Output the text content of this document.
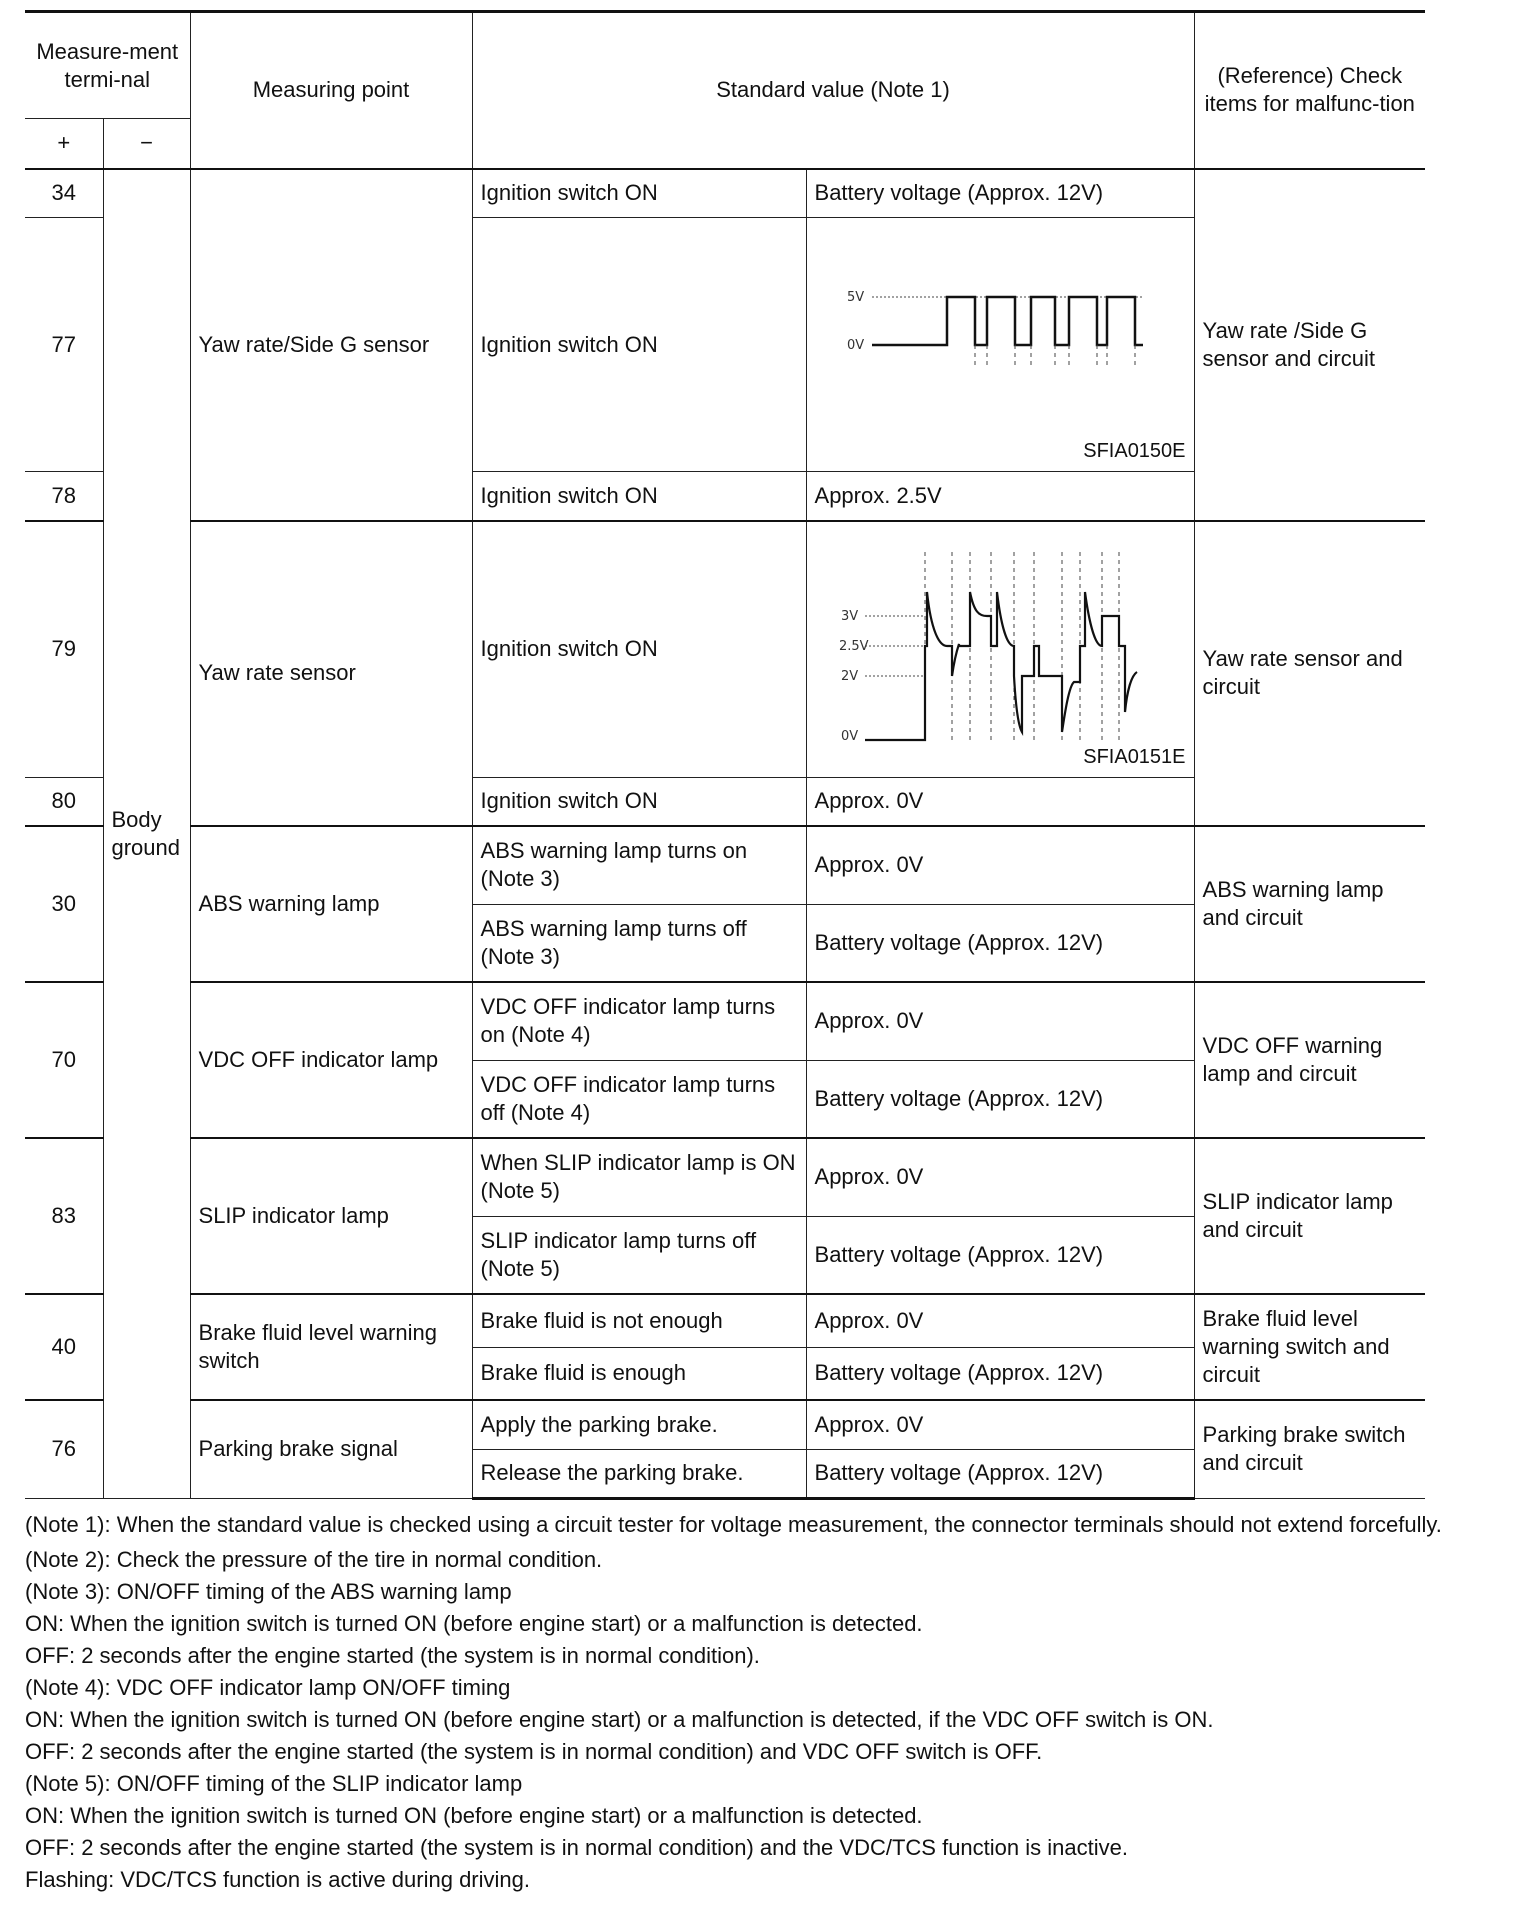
Measure-ment termi-nal		Measuring point	Standard value (Note 1)		(Reference) Check items for malfunc-tion
+	−				
34	Body ground	Yaw rate/Side G sensor	Ignition switch ON	Battery voltage (Approx. 12V)	Yaw rate /Side G sensor and circuit
77			Ignition switch ON	5V
0V
SFIA0150E	

78			Ignition switch ON	Approx. 2.5V	
79		Yaw rate sensor	Ignition switch ON	3V
2.5V
2V
0V
SFIA0151E	Yaw rate sensor and circuit
80			Ignition switch ON	Approx. 0V	
30		ABS warning lamp	ABS warning lamp turns on (Note 3)	Approx. 0V	ABS warning lamp and circuit
			ABS warning lamp turns off (Note 3)	Battery voltage (Approx. 12V)	
70		VDC OFF indicator lamp	VDC OFF indicator lamp turns on (Note 4)	Approx. 0V	VDC OFF warning lamp and circuit
			VDC OFF indicator lamp turns off (Note 4)	Battery voltage (Approx. 12V)	
83		SLIP indicator lamp	When SLIP indicator lamp is ON (Note 5)	Approx. 0V	SLIP indicator lamp and circuit
			SLIP indicator lamp turns off (Note 5)	Battery voltage (Approx. 12V)	
40		Brake fluid level warning switch	Brake fluid is not enough	Approx. 0V	Brake fluid level warning switch and circuit
			Brake fluid is enough	Battery voltage (Approx. 12V)	
76		Parking brake signal	Apply the parking brake.	Approx. 0V	Parking brake switch and circuit
			Release the parking brake.	Battery voltage (Approx. 12V)	

(Note 1): When the standard value is checked using a circuit tester for voltage measurement, the connector terminals should not extend forcefully.

(Note 2): Check the pressure of the tire in normal condition.

(Note 3): ON/OFF timing of the ABS warning lamp

ON: When the ignition switch is turned ON (before engine start) or a malfunction is detected.

OFF: 2 seconds after the engine started (the system is in normal condition).

(Note 4): VDC OFF indicator lamp ON/OFF timing

ON: When the ignition switch is turned ON (before engine start) or a malfunction is detected, if the VDC OFF switch is ON.

OFF: 2 seconds after the engine started (the system is in normal condition) and VDC OFF switch is OFF.

(Note 5): ON/OFF timing of the SLIP indicator lamp

ON: When the ignition switch is turned ON (before engine start) or a malfunction is detected.

OFF: 2 seconds after the engine started (the system is in normal condition) and the VDC/TCS function is inactive.

Flashing: VDC/TCS function is active during driving.
